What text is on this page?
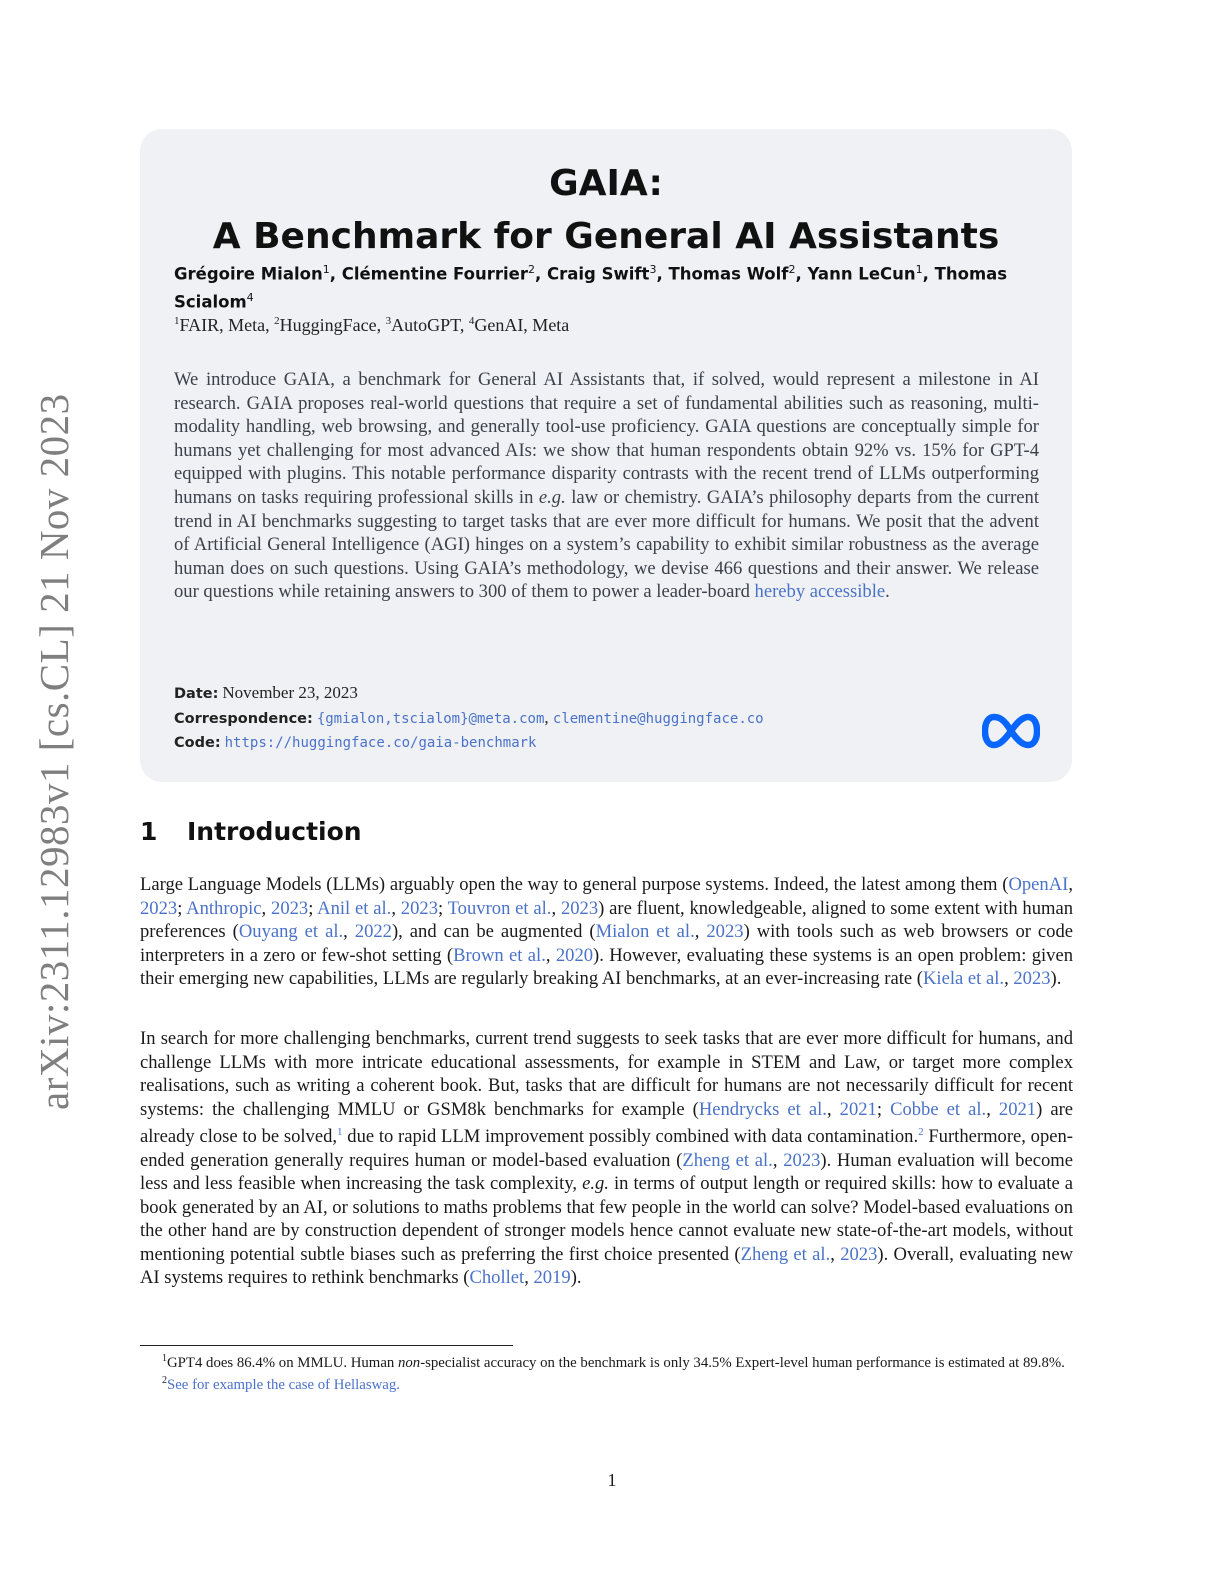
arXiv:2311.12983v1 [cs.CL] 21 Nov 2023
GAIA:
A Benchmark for General AI Assistants
Grégoire Mialon$^1$, Clémentine Fourrier$^2$, Craig Swift$^3$, Thomas Wolf$^2$, Yann LeCun$^1$, Thomas Scialom$^4$
$^1$FAIR, Meta, $^2$HuggingFace, $^3$AutoGPT, $^4$GenAI, Meta
We introduce GAIA, a benchmark for General AI Assistants that, if solved, would represent a milestone in AI research. GAIA proposes real-world questions that require a set of fundamental abilities such as reasoning, multi-modality handling, web browsing, and generally tool-use proficiency. GAIA questions are conceptually simple for humans yet challenging for most advanced AIs: we show that human respondents obtain 92% vs. 15% for GPT-4 equipped with plugins. This notable performance disparity contrasts with the recent trend of LLMs outperforming humans on tasks requiring professional skills in e.g. law or chemistry. GAIA’s philosophy departs from the current trend in AI benchmarks suggesting to target tasks that are ever more difficult for humans. We posit that the advent of Artificial General Intelligence (AGI) hinges on a system’s capability to exhibit similar robustness as the average human does on such questions. Using GAIA’s methodology, we devise 466 questions and their answer. We release our questions while retaining answers to 300 of them to power a leader-board hereby accessible.
Date: November 23, 2023
Correspondence: {gmialon,tscialom}@meta.com, clementine@huggingface.co
Code: https://huggingface.co/gaia-benchmark
1 Introduction
Large Language Models (LLMs) arguably open the way to general purpose systems. Indeed, the latest among them (OpenAI, 2023; Anthropic, 2023; Anil et al., 2023; Touvron et al., 2023) are fluent, knowledgeable, aligned to some extent with human preferences (Ouyang et al., 2022), and can be augmented (Mialon et al., 2023) with tools such as web browsers or code interpreters in a zero or few-shot setting (Brown et al., 2020). However, evaluating these systems is an open problem: given their emerging new capabilities, LLMs are regularly breaking AI benchmarks, at an ever-increasing rate (Kiela et al., 2023).
In search for more challenging benchmarks, current trend suggests to seek tasks that are ever more difficult for humans, and challenge LLMs with more intricate educational assessments, for example in STEM and Law, or target more complex realisations, such as writing a coherent book. But, tasks that are difficult for humans are not necessarily difficult for recent systems: the challenging MMLU or GSM8k benchmarks for example (Hendrycks et al., 2021; Cobbe et al., 2021) are already close to be solved,$^1$ due to rapid LLM improvement possibly combined with data contamination.$^2$ Furthermore, open-ended generation generally requires human or model-based evaluation (Zheng et al., 2023). Human evaluation will become less and less feasible when increasing the task complexity, e.g. in terms of output length or required skills: how to evaluate a book generated by an AI, or solutions to maths problems that few people in the world can solve? Model-based evaluations on the other hand are by construction dependent of stronger models hence cannot evaluate new state-of-the-art models, without mentioning potential subtle biases such as preferring the first choice presented (Zheng et al., 2023). Overall, evaluating new AI systems requires to rethink benchmarks (Chollet, 2019).
$^1$GPT4 does 86.4% on MMLU. Human non-specialist accuracy on the benchmark is only 34.5% Expert-level human performance is estimated at 89.8%.
$^2$See for example the case of Hellaswag.
1
